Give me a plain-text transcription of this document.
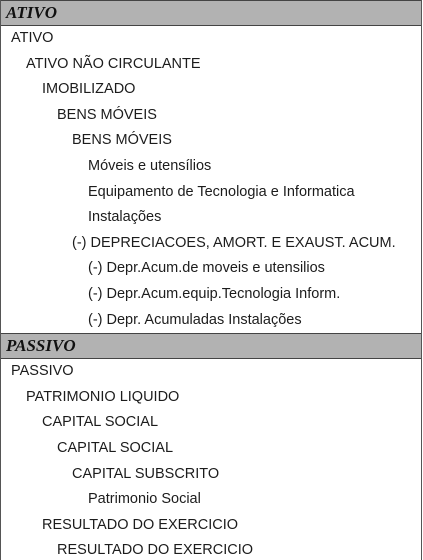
ATIVO
ATIVO
ATIVO NÃO CIRCULANTE
IMOBILIZADO
BENS MÓVEIS
BENS MÓVEIS
Móveis e utensílios
Equipamento de Tecnologia e Informatica
Instalações
(-) DEPRECIACOES, AMORT. E EXAUST. ACUM.
(-) Depr.Acum.de moveis e utensilios
(-) Depr.Acum.equip.Tecnologia Inform.
(-) Depr. Acumuladas Instalações
PASSIVO
PASSIVO
PATRIMONIO LIQUIDO
CAPITAL SOCIAL
CAPITAL SOCIAL
CAPITAL SUBSCRITO
Patrimonio Social
RESULTADO DO EXERCICIO
RESULTADO DO EXERCICIO
